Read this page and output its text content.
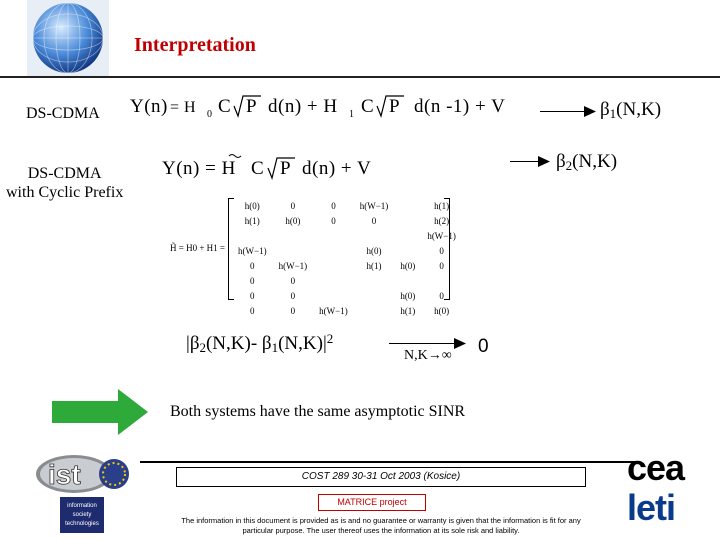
Interpretation
DS-CDMA Y(n) = H 0 C P d(n) + H 1 C P d(n -1) + V	$\beta_1(N,K)$
DS-CDMA
with Cyclic Prefix
Y(n) = H C P d(n) + V	$\beta_2(N,K)$
H̃ = H0 + H1 =
h(0)	0	0	h(W−1)		h(1)
h(1)	h(0)	0	0		h(2)
					h(W−1)
h(W−1)			h(0)		0
0	h(W−1)		h(1)	h(0)	0
0	0				
0	0			h(0)	0
0	0	h(W−1)		h(1)	h(0)
$|\beta_2(N,K)-$ $\beta_1(N,K)|^2$
N,K→∞ 0
Both systems have the same asymptotic SINR
ist
information
society
technologies
COST 289 30-31 Oct 2003 (Kosice)
MATRICE project
The information in this document is provided as is and no guarantee or warranty is given that the information is fit for any particular purpose. The user thereof uses the information at its sole risk and liability.
cea
leti
